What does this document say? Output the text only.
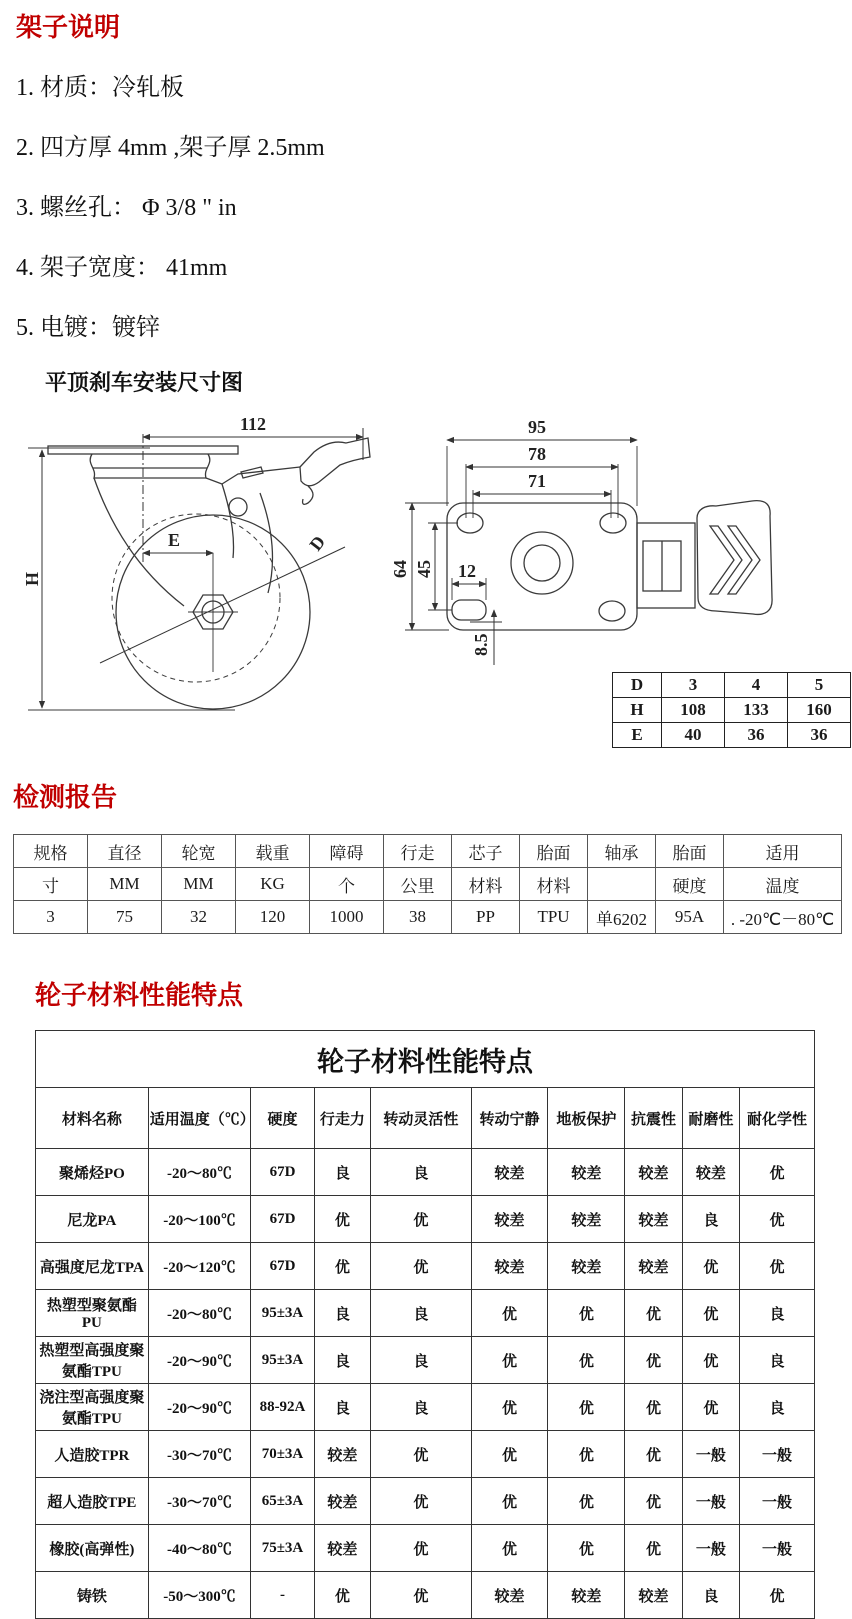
架子说明
1. 材质：冷轧板
2. 四方厚 4mm ,架子厚 2.5mm
3. 螺丝孔： Φ 3/8 " in
4. 架子宽度： 41mm
5. 电镀：镀锌
112
E
H
D
95
78
71
64 45 12
8.5
平顶刹车安装尺寸图
D	3	4	5
H	108	133	160
E	40	36	36
检测报告
规格	直径	轮宽	载重	障碍	行走	芯子	胎面	轴承	胎面	适用
寸	MM	MM	KG	个	公里	材料	材料		硬度	温度
3	75	32	120	1000	38	PP	TPU	单6202	95A	. -20℃－80℃
轮子材料性能特点
轮子材料性能特点									
材料名称	适用温度（℃）	硬度	行走力	转动灵活性	转动宁静	地板保护	抗震性	耐磨性	耐化学性
聚烯烃PO	-20～80℃	67D	良	良	较差	较差	较差	较差	优
尼龙PA	-20～100℃	67D	优	优	较差	较差	较差	良	优
高强度尼龙TPA	-20～120℃	67D	优	优	较差	较差	较差	优	优
热塑型聚氨酯PU	-20～80℃	95±3A	良	良	优	优	优	优	良
热塑型高强度聚氨酯TPU	-20～90℃	95±3A	良	良	优	优	优	优	良
浇注型高强度聚氨酯TPU	-20～90℃	88-92A	良	良	优	优	优	优	良
人造胶TPR	-30～70℃	70±3A	较差	优	优	优	优	一般	一般
超人造胶TPE	-30～70℃	65±3A	较差	优	优	优	优	一般	一般
橡胶(高弹性)	-40～80℃	75±3A	较差	优	优	优	优	一般	一般
铸铁	-50～300℃	-	优	优	较差	较差	较差	良	优
